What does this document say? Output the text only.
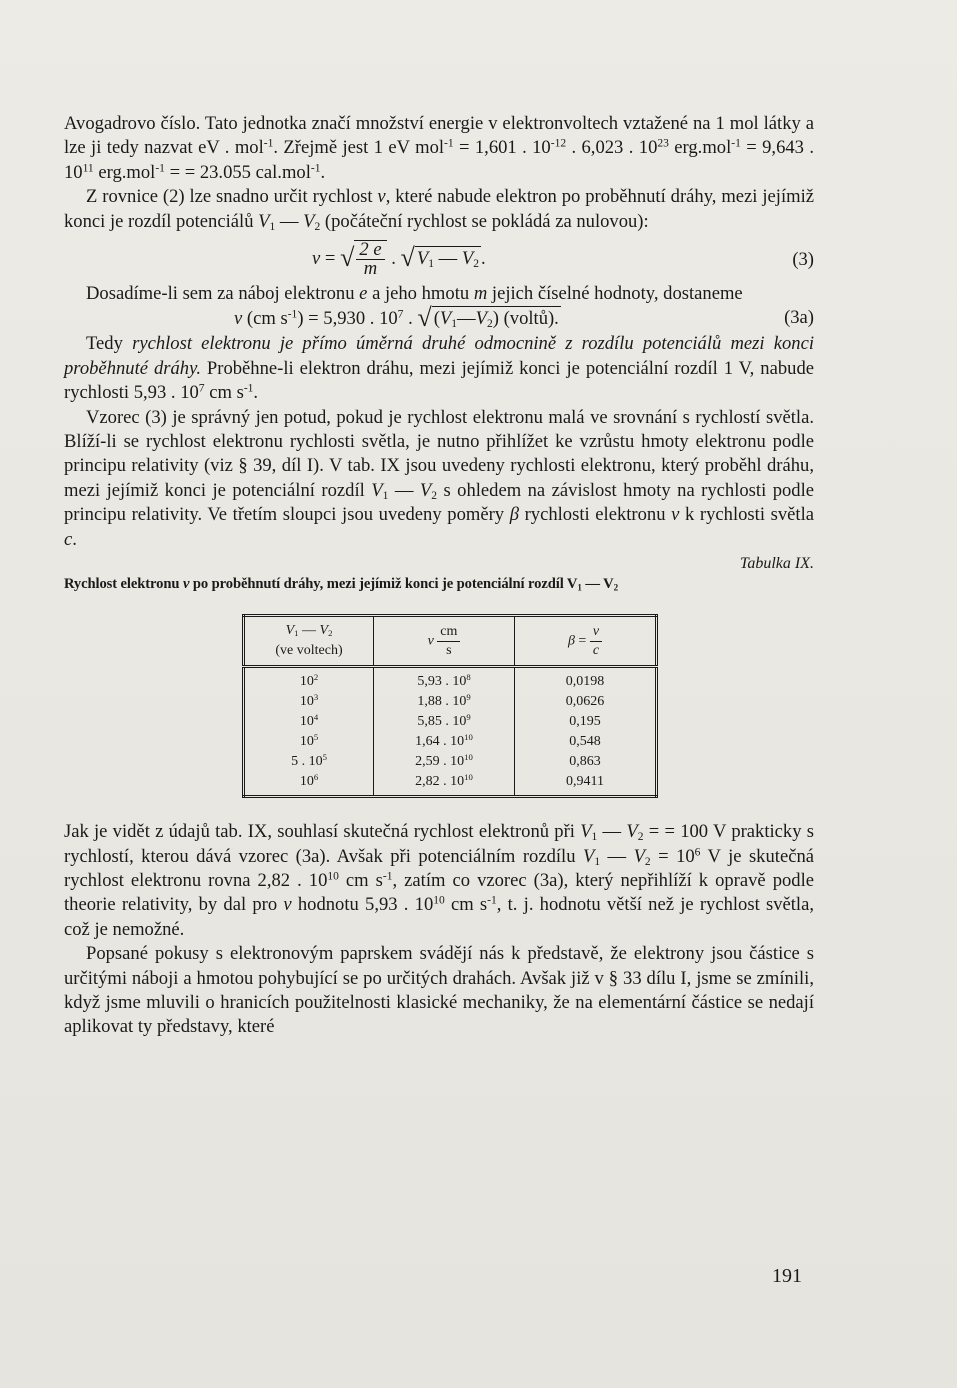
Avogadrovo číslo. Tato jednotka značí množství energie v elektronvoltech vztažené na 1 mol látky a lze ji tedy nazvat eV . mol$^{-1}$. Zřejmě jest 1 eV mol$^{-1}$ = 1,601 . $10^{-12}$ . 6,023 . $10^{23}$ erg.mol$^{-1}$ = 9,643 . $10^{11}$ erg.mol$^{-1}$ = = 23.055 cal.mol$^{-1}$.

Z rovnice (2) lze snadno určit rychlost v, které nabude elektron po proběhnutí dráhy, mezi jejímiž konci je rozdíl potenciálů $V_1$ — $V_2$ (počáteční rychlost se pokládá za nulovou):

v = √ $\frac{2 e}{m}$ . √ $V_1$ — $V_2$ .	(3)

Dosadíme-li sem za náboj elektronu e a jeho hmotu m jejich číselné hodnoty, dostaneme

v (cm $s^{-1}) = 5,930$ . $10^7$ . √ $(V_1—V_2)$ (voltů).	(3a)

Tedy rychlost elektronu je přímo úměrná druhé odmocnině z rozdílu potenciálů mezi konci proběhnuté dráhy. Proběhne-li elektron dráhu, mezi jejímiž konci je potenciální rozdíl 1 V, nabude rychlosti 5,93 . $10^7$ cm $s^{-1}$.

Vzorec (3) je správný jen potud, pokud je rychlost elektronu malá ve srovnání s rychlostí světla. Blíží-li se rychlost elektronu rychlosti světla, je nutno přihlížet ke vzrůstu hmoty elektronu podle principu relativity (viz § 39, díl I). V tab. IX jsou uvedeny rychlosti elektronu, který proběhl dráhu, mezi jejímiž konci je potenciální rozdíl $V_1$ — $V_2$ s ohledem na závislost hmoty na rychlosti podle principu relativity. Ve třetím sloupci jsou uvedeny poměry β rychlosti elektronu v k rychlosti světla c.

Tabulka IX.
Rychlost elektronu v po proběhnutí dráhy, mezi jejímiž konci je potenciální rozdíl $V_1$ — $V_2$
$V_1$ — $V_2$
(ve voltech)	v $\frac{cm}{s}$	$\beta = \frac{v}{c}$

$10^2$	5,93 . $10^8$	0,0198
$10^3$	1,88 . $10^9$	0,0626
$10^4$	5,85 . $10^9$	0,195
$10^5$	1,64 . $10^{10}$	0,548
5 . $10^5$	2,59 . $10^{10}$	0,863
$10^6$	2,82 . $10^{10}$	0,9411

Jak je vidět z údajů tab. IX, souhlasí skutečná rychlost elektronů při $V_1$ — $V_2$ = = 100 V prakticky s rychlostí, kterou dává vzorec (3a). Avšak při potenciálním rozdílu $V_1$ — $V_2 = 10^6$ V je skutečná rychlost elektronu rovna 2,82 . $10^{10}$ cm $s^{-1}$, zatím co vzorec (3a), který nepřihlíží k opravě podle theorie relativity, by dal pro v hodnotu 5,93 . $10^{10}$ cm $s^{-1}$, t. j. hodnotu větší než je rychlost světla, což je nemožné.

Popsané pokusy s elektronovým paprskem svádějí nás k představě, že elektrony jsou částice s určitými náboji a hmotou pohybující se po určitých drahách. Avšak již v § 33 dílu I, jsme se zmínili, když jsme mluvili o hranicích použitelnosti klasické mechaniky, že na elementární částice se nedají aplikovat ty představy, které

191
